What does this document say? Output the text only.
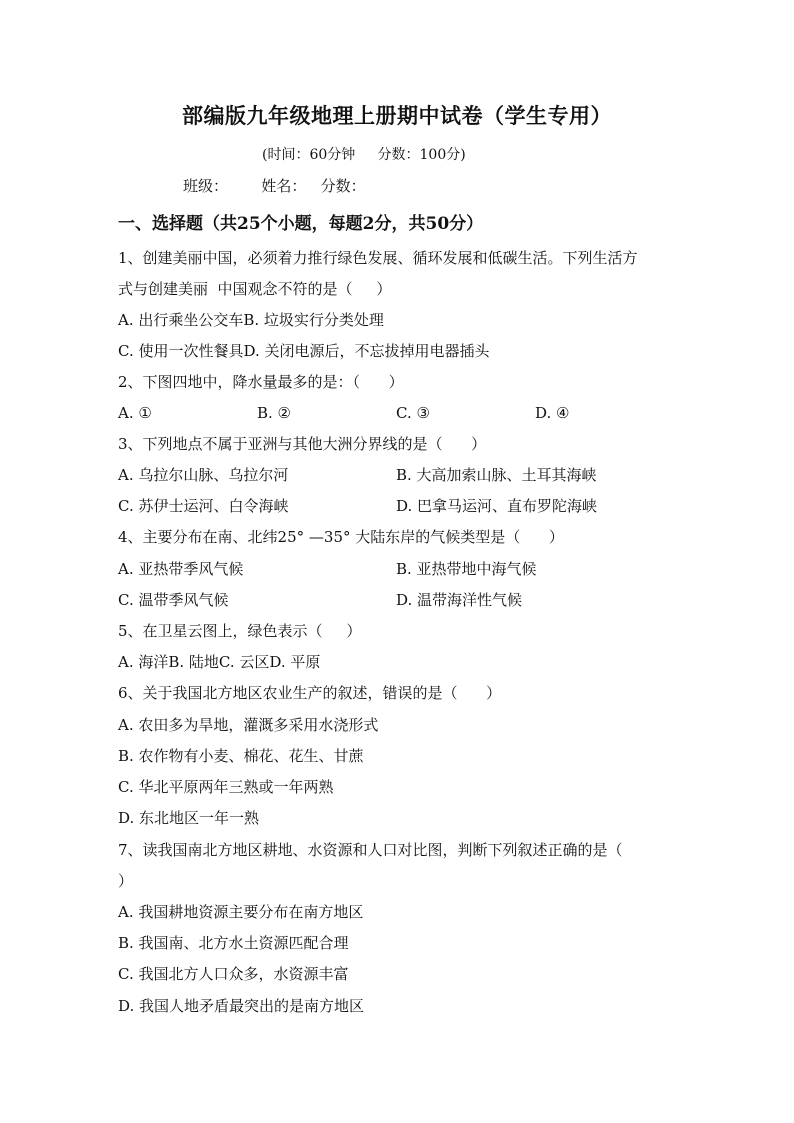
部编版九年级地理上册期中试卷（学生专用）
(时间：60分钟     分数：100分)
班级：       姓名：   分数：
一、选择题（共25个小题，每题2分，共50分）
1、创建美丽中国，必须着力推行绿色发展、循环发展和低碳生活。下列生活方
式与创建美丽  中国观念不符的是（     ）
A. 出行乘坐公交车B. 垃圾实行分类处理
C. 使用一次性餐具D. 关闭电源后，不忘拔掉用电器插头
2、下图四地中，降水量最多的是：（      ）
A. ①	B. ②	C. ③	D. ④
3、下列地点不属于亚洲与其他大洲分界线的是（      ）
A. 乌拉尔山脉、乌拉尔河	B. 大高加索山脉、土耳其海峡
C. 苏伊士运河、白令海峡	D. 巴拿马运河、直布罗陀海峡
4、主要分布在南、北纬25° —35° 大陆东岸的气候类型是（      ）
A. 亚热带季风气候	B. 亚热带地中海气候
C. 温带季风气候	D. 温带海洋性气候
5、在卫星云图上，绿色表示（     ）
A. 海洋B. 陆地C. 云区D. 平原
6、关于我国北方地区农业生产的叙述，错误的是（      ）
A. 农田多为旱地，灌溉多采用水浇形式
B. 农作物有小麦、棉花、花生、甘蔗
C. 华北平原两年三熟或一年两熟
D. 东北地区一年一熟
7、读我国南北方地区耕地、水资源和人口对比图，判断下列叙述正确的是（
）
A. 我国耕地资源主要分布在南方地区
B. 我国南、北方水土资源匹配合理
C. 我国北方人口众多，水资源丰富
D. 我国人地矛盾最突出的是南方地区
